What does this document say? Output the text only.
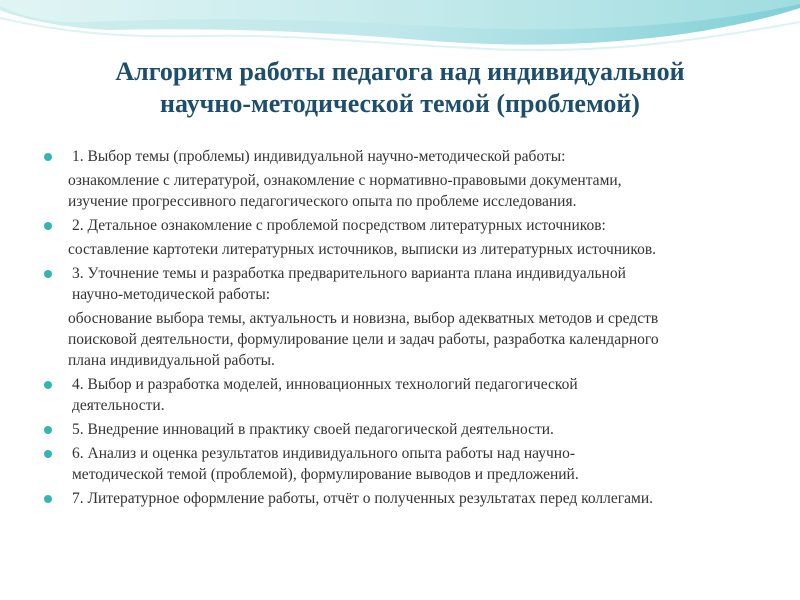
Алгоритм работы педагога над индивидуальной
научно-методической темой (проблемой)
1. Выбор темы (проблемы) индивидуальной научно-методической работы:
ознакомление с литературой, ознакомление с нормативно-правовыми документами,
изучение прогрессивного педагогического опыта по проблеме исследования.
2. Детальное ознакомление с проблемой посредством литературных источников:
составление картотеки литературных источников, выписки из литературных источников.
3. Уточнение темы и разработка предварительного варианта плана индивидуальной
научно-методической работы:
обоснование выбора темы, актуальность и новизна, выбор адекватных методов и средств
поисковой деятельности, формулирование цели и задач работы, разработка календарного
плана индивидуальной работы.
4. Выбор и разработка моделей, инновационных технологий педагогической
деятельности.
5. Внедрение инноваций в практику своей педагогической деятельности.
6. Анализ и оценка результатов индивидуального опыта работы над научно-
методической темой (проблемой), формулирование выводов и предложений.
7. Литературное оформление работы, отчёт о полученных результатах перед коллегами.
